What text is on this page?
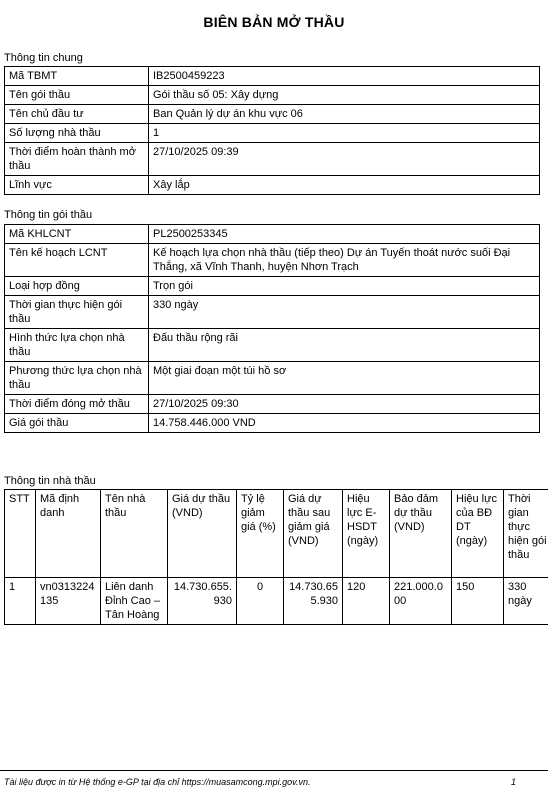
BIÊN BẢN MỞ THẦU
Thông tin chung
Mã TBMT	IB2500459223
Tên gói thầu	Gói thầu số 05: Xây dựng
Tên chủ đầu tư	Ban Quản lý dự án khu vực 06
Số lượng nhà thầu	1
Thời điểm hoàn thành mở thầu	27/10/2025 09:39
Lĩnh vực	Xây lắp
Thông tin gói thầu
Mã KHLCNT	PL2500253345
Tên kế hoạch LCNT	Kế hoạch lựa chọn nhà thầu (tiếp theo) Dự án Tuyến thoát nước suối Đại Thắng, xã Vĩnh Thanh, huyện Nhơn Trạch
Loại hợp đồng	Trọn gói
Thời gian thực hiện gói thầu	330 ngày
Hình thức lựa chọn nhà thầu	Đấu thầu rộng rãi
Phương thức lựa chọn nhà thầu	Một giai đoạn một túi hồ sơ
Thời điểm đóng mở thầu	27/10/2025 09:30
Giá gói thầu	14.758.446.000 VND
Thông tin nhà thầu
STT	Mã định danh	Tên nhà thầu	Giá dự thầu (VND)	Tỷ lệ giảm giá (%)	Giá dự thầu sau giảm giá (VND)	Hiệu lực E-HSDT (ngày)	Bảo đảm dự thầu (VND)	Hiệu lực của BĐ DT (ngày)	Thời gian thực hiện gói thầu
1	vn0313224135	Liên danh Đỉnh Cao – Tân Hoàng	14.730.655.930	0	14.730.655.930	120	221.000.000	150	330 ngày
Tài liệu được in từ Hệ thống e-GP tại địa chỉ https://muasamcong.mpi.gov.vn.	1
